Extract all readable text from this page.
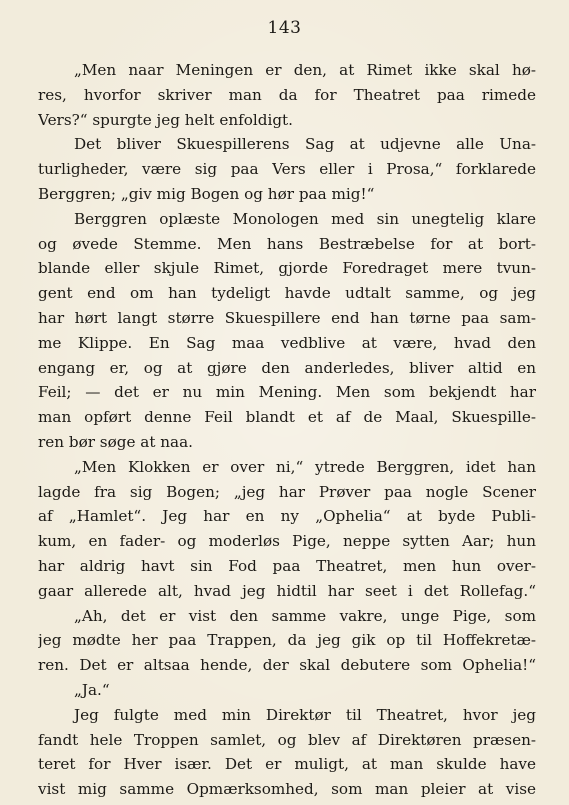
143
„Men naar Meningen er den, at Rimet ikke skal hø-
res, hvorfor skriver man da for Theatret paa rimede
Vers?“ spurgte jeg helt enfoldigt.
Det bliver Skuespillerens Sag at udjevne alle Una-
turligheder, være sig paa Vers eller i Prosa,“ forklarede
Berggren; „giv mig Bogen og hør paa mig!“
Berggren oplæste Monologen med sin unegtelig klare
og øvede Stemme. Men hans Bestræbelse for at bort-
blande eller skjule Rimet, gjorde Foredraget mere tvun-
gent end om han tydeligt havde udtalt samme, og jeg
har hørt langt større Skuespillere end han tørne paa sam-
me Klippe. En Sag maa vedblive at være, hvad den
engang er, og at gjøre den anderledes, bliver altid en
Feil; — det er nu min Mening. Men som bekjendt har
man opført denne Feil blandt et af de Maal, Skuespille-
ren bør søge at naa.
„Men Klokken er over ni,“ ytrede Berggren, idet han
lagde fra sig Bogen; „jeg har Prøver paa nogle Scener
af „Hamlet“. Jeg har en ny „Ophelia“ at byde Publi-
kum, en fader- og moderløs Pige, neppe sytten Aar; hun
har aldrig havt sin Fod paa Theatret, men hun over-
gaar allerede alt, hvad jeg hidtil har seet i det Rollefag.“
„Ah, det er vist den samme vakre, unge Pige, som
jeg mødte her paa Trappen, da jeg gik op til Hoffekretæ-
ren. Det er altsaa hende, der skal debutere som Ophelia!“
„Ja.“
Jeg fulgte med min Direktør til Theatret, hvor jeg
fandt hele Troppen samlet, og blev af Direktøren præsen-
teret for Hver især. Det er muligt, at man skulde have
vist mig samme Opmærksomhed, som man pleier at vise
